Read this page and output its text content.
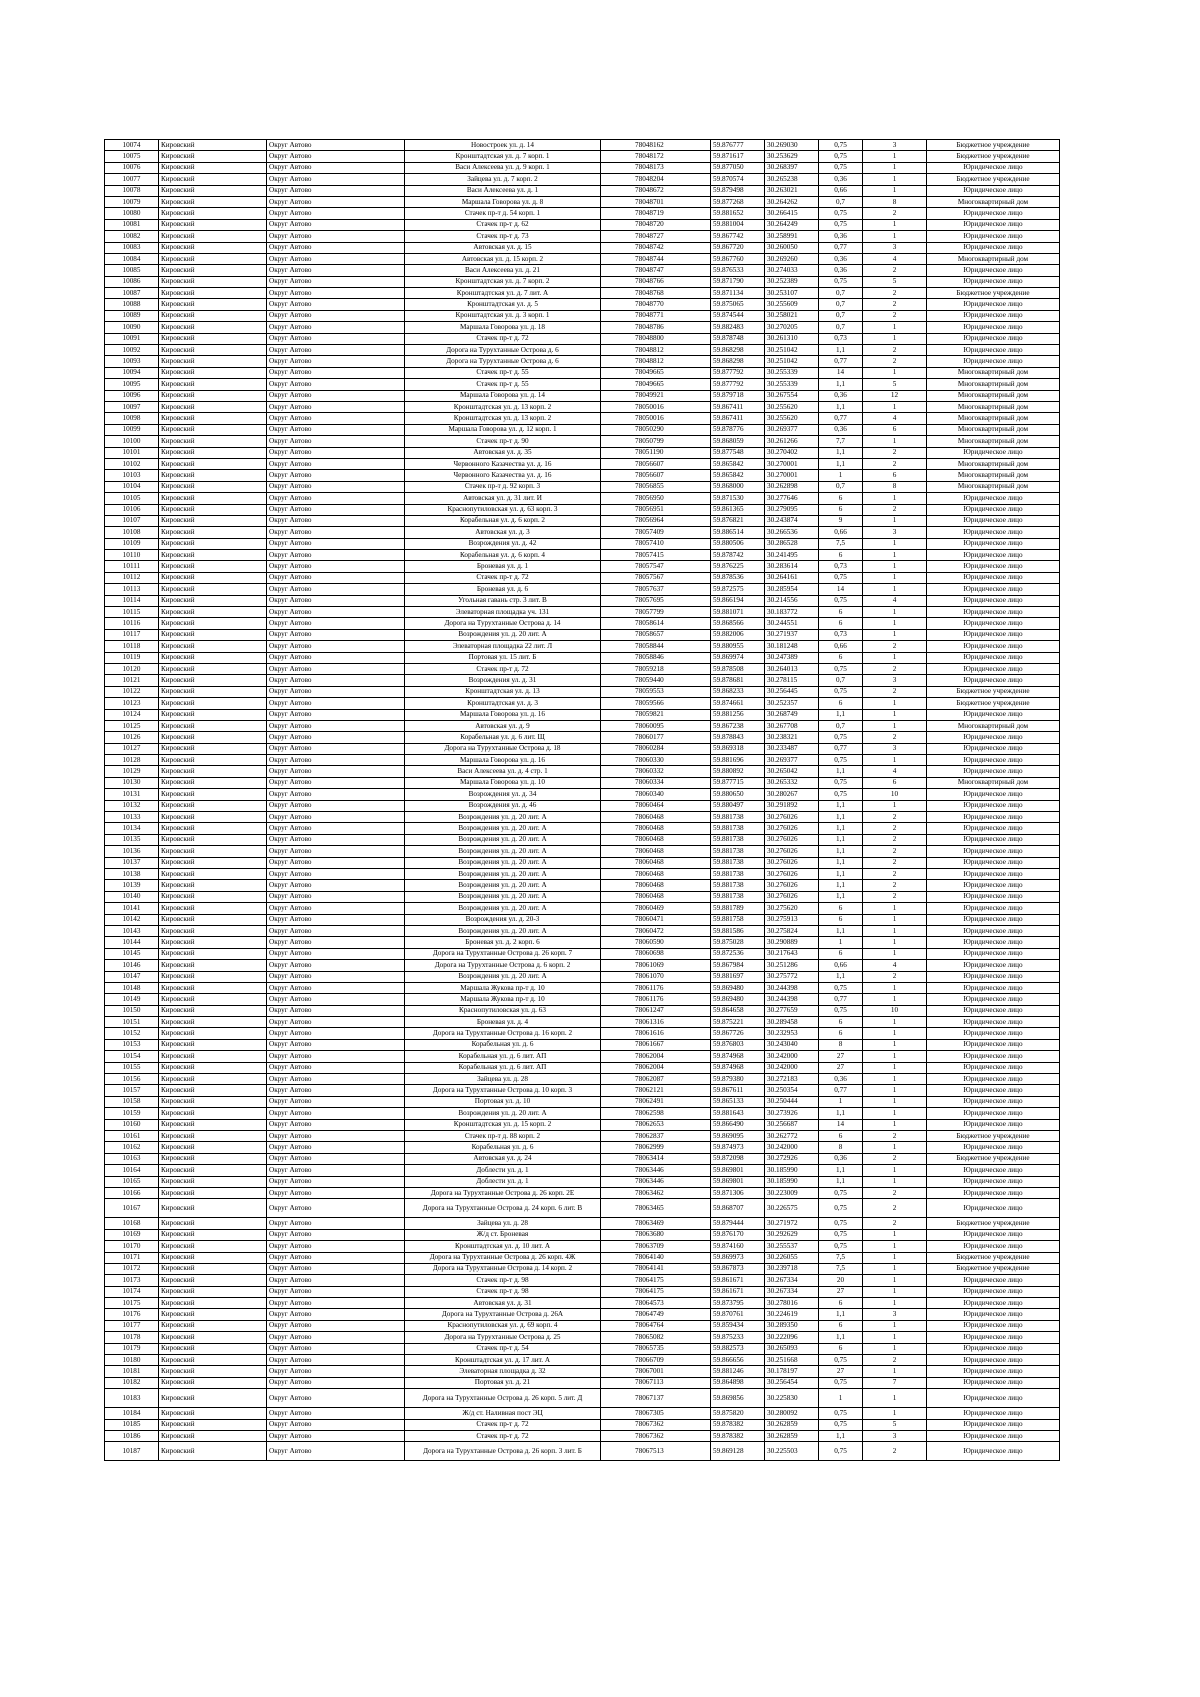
10074	Кировский	Округ Автово	Новостроек ул. д. 14	78048162	59.876777	30.269030	0,75	3	Бюджетное учреждение
10075	Кировский	Округ Автово	Кронштадтская ул. д. 7 корп. 1	78048172	59.871617	30.253629	0,75	1	Бюджетное учреждение
10076	Кировский	Округ Автово	Васи Алексеева ул. д. 9 корп. 1	78048173	59.877050	30.268397	0,75	1	Юридическое лицо
10077	Кировский	Округ Автово	Зайцева ул. д. 7 корп. 2	78048204	59.870574	30.265238	0,36	1	Бюджетное учреждение
10078	Кировский	Округ Автово	Васи Алексеева ул. д. 1	78048672	59.879498	30.263021	0,66	1	Юридическое лицо
10079	Кировский	Округ Автово	Маршала Говорова ул. д. 8	78048701	59.877268	30.264262	0,7	8	Многоквартирный дом
10080	Кировский	Округ Автово	Стачек пр-т д. 54 корп. 1	78048719	59.881652	30.266415	0,75	2	Юридическое лицо
10081	Кировский	Округ Автово	Стачек пр-т д. 62	78048720	59.881004	30.264249	0,75	1	Юридическое лицо
10082	Кировский	Округ Автово	Стачек пр-т д. 73	78048727	59.867742	30.258991	0,36	1	Юридическое лицо
10083	Кировский	Округ Автово	Автовская ул. д. 15	78048742	59.867720	30.260050	0,77	3	Юридическое лицо
10084	Кировский	Округ Автово	Автовская ул. д. 15 корп. 2	78048744	59.867760	30.269260	0,36	4	Многоквартирный дом
10085	Кировский	Округ Автово	Васи Алексеева ул. д. 21	78048747	59.876533	30.274033	0,36	2	Юридическое лицо
10086	Кировский	Округ Автово	Кронштадтская ул. д. 7 корп. 2	78048766	59.871790	30.252389	0,75	5	Юридическое лицо
10087	Кировский	Округ Автово	Кронштадтская ул. д. 7 лит. А	78048768	59.871134	30.253107	0,7	2	Бюджетное учреждение
10088	Кировский	Округ Автово	Кронштадтская ул. д. 5	78048770	59.875065	30.255609	0,7	2	Юридическое лицо
10089	Кировский	Округ Автово	Кронштадтская ул. д. 3 корп. 1	78048771	59.874544	30.258021	0,7	2	Юридическое лицо
10090	Кировский	Округ Автово	Маршала Говорова ул. д. 18	78048786	59.882483	30.270205	0,7	1	Юридическое лицо
10091	Кировский	Округ Автово	Стачек пр-т д. 72	78048800	59.878748	30.261310	0,73	1	Юридическое лицо
10092	Кировский	Округ Автово	Дорога на Турухтанные Острова д. 6	78048812	59.868298	30.251042	1,1	2	Юридическое лицо
10093	Кировский	Округ Автово	Дорога на Турухтанные Острова д. 6	78048812	59.868298	30.251042	0,77	2	Юридическое лицо
10094	Кировский	Округ Автово	Стачек пр-т д. 55	78049665	59.877792	30.255339	14	1	Многоквартирный дом
10095	Кировский	Округ Автово	Стачек пр-т д. 55	78049665	59.877792	30.255339	1,1	5	Многоквартирный дом
10096	Кировский	Округ Автово	Маршала Говорова ул. д. 14	78049921	59.879718	30.267554	0,36	12	Многоквартирный дом
10097	Кировский	Округ Автово	Кронштадтская ул. д. 13 корп. 2	78050016	59.867411	30.255620	1,1	1	Многоквартирный дом
10098	Кировский	Округ Автово	Кронштадтская ул. д. 13 корп. 2	78050016	59.867411	30.255620	0,77	4	Многоквартирный дом
10099	Кировский	Округ Автово	Маршала Говорова ул. д. 12 корп. 1	78050290	59.878776	30.269377	0,36	6	Многоквартирный дом
10100	Кировский	Округ Автово	Стачек пр-т д. 90	78050799	59.868059	30.261266	7,7	1	Многоквартирный дом
10101	Кировский	Округ Автово	Автовская ул. д. 35	78051190	59.877548	30.270402	1,1	2	Юридическое лицо
10102	Кировский	Округ Автово	Червонного Казачества ул. д. 16	78056607	59.865842	30.270001	1,1	2	Многоквартирный дом
10103	Кировский	Округ Автово	Червонного Казачества ул. д. 16	78056607	59.865842	30.270001	1	6	Многоквартирный дом
10104	Кировский	Округ Автово	Стачек пр-т д. 92 корп. 3	78056855	59.868000	30.262898	0,7	8	Многоквартирный дом
10105	Кировский	Округ Автово	Автовская ул. д. 31 лит. И	78056950	59.871530	30.277646	6	1	Юридическое лицо
10106	Кировский	Округ Автово	Краснопутиловская ул. д. 63 корп. 3	78056951	59.861365	30.279095	6	2	Юридическое лицо
10107	Кировский	Округ Автово	Корабельная ул. д. 6 корп. 2	78056964	59.876821	30.243874	9	1	Юридическое лицо
10108	Кировский	Округ Автово	Автовская ул. д. 3	78057409	59.886514	30.266536	0,66	3	Юридическое лицо
10109	Кировский	Округ Автово	Возрождения ул. д. 42	78057410	59.880506	30.286528	7,5	1	Юридическое лицо
10110	Кировский	Округ Автово	Корабельная ул. д. 6 корп. 4	78057415	59.878742	30.241495	6	1	Юридическое лицо
10111	Кировский	Округ Автово	Броневая ул. д. 1	78057547	59.876225	30.283614	0,73	1	Юридическое лицо
10112	Кировский	Округ Автово	Стачек пр-т д. 72	78057567	59.878536	30.264161	0,75	1	Юридическое лицо
10113	Кировский	Округ Автово	Броневая ул. д. 6	78057637	59.872575	30.285954	14	1	Юридическое лицо
10114	Кировский	Округ Автово	Угольная гавань стр. 3 лит. В	78057695	59.866194	30.214556	0,75	4	Юридическое лицо
10115	Кировский	Округ Автово	Элеваторная площадка уч. 131	78057799	59.881071	30.183772	6	1	Юридическое лицо
10116	Кировский	Округ Автово	Дорога на Турухтанные Острова д. 14	78058614	59.868566	30.244551	6	1	Юридическое лицо
10117	Кировский	Округ Автово	Возрождения ул. д. 20 лит. А	78058657	59.882006	30.271937	0,73	1	Юридическое лицо
10118	Кировский	Округ Автово	Элеваторная площадка 22 лит. Л	78058844	59.880955	30.181248	0,66	2	Юридическое лицо
10119	Кировский	Округ Автово	Портовая ул. 15 лит. Б	78058846	59.869974	30.247389	6	1	Юридическое лицо
10120	Кировский	Округ Автово	Стачек пр-т д. 72	78059218	59.878508	30.264013	0,75	2	Юридическое лицо
10121	Кировский	Округ Автово	Возрождения ул. д. 31	78059440	59.878681	30.278115	0,7	3	Юридическое лицо
10122	Кировский	Округ Автово	Кронштадтская ул. д. 13	78059553	59.868233	30.256445	0,75	2	Бюджетное учреждение
10123	Кировский	Округ Автово	Кронштадтская ул. д. 3	78059566	59.874661	30.252357	6	1	Бюджетное учреждение
10124	Кировский	Округ Автово	Маршала Говорова ул. д. 16	78059821	59.881256	30.268749	1,1	1	Юридическое лицо
10125	Кировский	Округ Автово	Автовская ул. д. 9	78060095	59.867238	30.267708	0,7	1	Многоквартирный дом
10126	Кировский	Округ Автово	Корабельная ул. д. 6 лит. Щ	78060177	59.878843	30.238321	0,75	2	Юридическое лицо
10127	Кировский	Округ Автово	Дорога на Турухтанные Острова д. 18	78060284	59.869318	30.233487	0,77	3	Юридическое лицо
10128	Кировский	Округ Автово	Маршала Говорова ул. д. 16	78060330	59.881696	30.269377	0,75	1	Юридическое лицо
10129	Кировский	Округ Автово	Васи Алексеева ул. д. 4 стр. 1	78060332	59.880892	30.265042	1,1	4	Юридическое лицо
10130	Кировский	Округ Автово	Маршала Говорова ул. д. 10	78060334	59.877715	30.265332	0,75	6	Многоквартирный дом
10131	Кировский	Округ Автово	Возрождения ул. д. 34	78060340	59.880650	30.280267	0,75	10	Юридическое лицо
10132	Кировский	Округ Автово	Возрождения ул. д. 46	78060464	59.880497	30.291892	1,1	1	Юридическое лицо
10133	Кировский	Округ Автово	Возрождения ул. д. 20 лит. А	78060468	59.881738	30.276026	1,1	2	Юридическое лицо
10134	Кировский	Округ Автово	Возрождения ул. д. 20 лит. А	78060468	59.881738	30.276026	1,1	2	Юридическое лицо
10135	Кировский	Округ Автово	Возрождения ул. д. 20 лит. А	78060468	59.881738	30.276026	1,1	2	Юридическое лицо
10136	Кировский	Округ Автово	Возрождения ул. д. 20 лит. А	78060468	59.881738	30.276026	1,1	2	Юридическое лицо
10137	Кировский	Округ Автово	Возрождения ул. д. 20 лит. А	78060468	59.881738	30.276026	1,1	2	Юридическое лицо
10138	Кировский	Округ Автово	Возрождения ул. д. 20 лит. А	78060468	59.881738	30.276026	1,1	2	Юридическое лицо
10139	Кировский	Округ Автово	Возрождения ул. д. 20 лит. А	78060468	59.881738	30.276026	1,1	2	Юридическое лицо
10140	Кировский	Округ Автово	Возрождения ул. д. 20 лит. А	78060468	59.881738	30.276026	1,1	2	Юридическое лицо
10141	Кировский	Округ Автово	Возрождения ул. д. 20 лит. А	78060469	59.881789	30.275620	6	1	Юридическое лицо
10142	Кировский	Округ Автово	Возрождения ул. д. 20-3	78060471	59.881758	30.275913	6	1	Юридическое лицо
10143	Кировский	Округ Автово	Возрождения ул. д. 20 лит. А	78060472	59.881586	30.275824	1,1	1	Юридическое лицо
10144	Кировский	Округ Автово	Броневая ул. д. 2 корп. 6	78060590	59.875028	30.290889	1	1	Юридическое лицо
10145	Кировский	Округ Автово	Дорога на Турухтанные Острова д. 26 корп. 7	78060698	59.872536	30.217643	6	1	Юридическое лицо
10146	Кировский	Округ Автово	Дорога на Турухтанные Острова д. 6 корп. 2	78061069	59.867984	30.251286	0,66	4	Юридическое лицо
10147	Кировский	Округ Автово	Возрождения ул. д. 20 лит. А	78061070	59.881697	30.275772	1,1	2	Юридическое лицо
10148	Кировский	Округ Автово	Маршала Жукова пр-т д. 10	78061176	59.869480	30.244398	0,75	1	Юридическое лицо
10149	Кировский	Округ Автово	Маршала Жукова пр-т д. 10	78061176	59.869480	30.244398	0,77	1	Юридическое лицо
10150	Кировский	Округ Автово	Краснопутиловская ул. д. 63	78061247	59.864658	30.277659	0,75	10	Юридическое лицо
10151	Кировский	Округ Автово	Броневая ул. д. 4	78061316	59.875221	30.289458	6	1	Юридическое лицо
10152	Кировский	Округ Автово	Дорога на Турухтанные Острова д. 16 корп. 2	78061616	59.867726	30.232953	6	1	Юридическое лицо
10153	Кировский	Округ Автово	Корабельная ул. д. 6	78061667	59.876803	30.243040	8	1	Юридическое лицо
10154	Кировский	Округ Автово	Корабельная ул. д. 6 лит. АП	78062004	59.874968	30.242000	27	1	Юридическое лицо
10155	Кировский	Округ Автово	Корабельная ул. д. 6 лит. АП	78062004	59.874968	30.242000	27	1	Юридическое лицо
10156	Кировский	Округ Автово	Зайцева ул. д. 28	78062087	59.879380	30.272183	0,36	1	Юридическое лицо
10157	Кировский	Округ Автово	Дорога на Турухтанные Острова д. 10 корп. 3	78062121	59.867611	30.250354	0,77	1	Юридическое лицо
10158	Кировский	Округ Автово	Портовая ул. д. 10	78062491	59.865133	30.250444	1	1	Юридическое лицо
10159	Кировский	Округ Автово	Возрождения ул. д. 20 лит. А	78062598	59.881643	30.273926	1,1	1	Юридическое лицо
10160	Кировский	Округ Автово	Кронштадтская ул. д. 15 корп. 2	78062653	59.866490	30.256687	14	1	Юридическое лицо
10161	Кировский	Округ Автово	Стачек пр-т д. 88 корп. 2	78062837	59.869095	30.262772	6	2	Бюджетное учреждение
10162	Кировский	Округ Автово	Корабельная ул. д. 6	78062999	59.874973	30.242000	8	1	Юридическое лицо
10163	Кировский	Округ Автово	Автовская ул. д. 24	78063414	59.872098	30.272926	0,36	2	Бюджетное учреждение
10164	Кировский	Округ Автово	Доблести ул. д. 1	78063446	59.869801	30.185990	1,1	1	Юридическое лицо
10165	Кировский	Округ Автово	Доблести ул. д. 1	78063446	59.869801	30.185990	1,1	1	Юридическое лицо
10166	Кировский	Округ Автово	Дорога на Турухтанные Острова д. 26 корп. 2Е	78063462	59.871306	30.223009	0,75	2	Юридическое лицо
10167	Кировский	Округ Автово	Дорога на Турухтанные Острова д. 24 корп. 6 лит. В	78063465	59.868707	30.226575	0,75	2	Юридическое лицо
10168	Кировский	Округ Автово	Зайцева ул. д. 28	78063469	59.879444	30.271972	0,75	2	Бюджетное учреждение
10169	Кировский	Округ Автово	Ж/д ст. Броневая	78063680	59.876170	30.292629	0,75	1	Юридическое лицо
10170	Кировский	Округ Автово	Кронштадтская ул. д. 10 лит. А	78063709	59.874160	30.255537	0,75	1	Юридическое лицо
10171	Кировский	Округ Автово	Дорога на Турухтанные Острова д. 26 корп. 4Ж	78064140	59.869973	30.226055	7,5	1	Бюджетное учреждение
10172	Кировский	Округ Автово	Дорога на Турухтанные Острова д. 14 корп. 2	78064141	59.867873	30.239718	7,5	1	Бюджетное учреждение
10173	Кировский	Округ Автово	Стачек пр-т д. 98	78064175	59.861671	30.267334	20	1	Юридическое лицо
10174	Кировский	Округ Автово	Стачек пр-т д. 98	78064175	59.861671	30.267334	27	1	Юридическое лицо
10175	Кировский	Округ Автово	Автовская ул. д. 31	78064573	59.873795	30.278016	6	1	Юридическое лицо
10176	Кировский	Округ Автово	Дорога на Турухтанные Острова д. 26А	78064749	59.870761	30.224619	1,1	3	Юридическое лицо
10177	Кировский	Округ Автово	Краснопутиловская ул. д. 69 корп. 4	78064764	59.859434	30.289350	6	1	Юридическое лицо
10178	Кировский	Округ Автово	Дорога на Турухтанные Острова д. 25	78065082	59.875233	30.222096	1,1	1	Юридическое лицо
10179	Кировский	Округ Автово	Стачек пр-т д. 54	78065735	59.882573	30.265093	6	1	Юридическое лицо
10180	Кировский	Округ Автово	Кронштадтская ул. д. 17 лит. А	78066709	59.866656	30.251668	0,75	2	Юридическое лицо
10181	Кировский	Округ Автово	Элеваторная площадка д. 32	78067001	59.881246	30.178197	27	1	Юридическое лицо
10182	Кировский	Округ Автово	Портовая ул. д. 21	78067113	59.864898	30.256454	0,75	7	Юридическое лицо
10183	Кировский	Округ Автово	Дорога на Турухтанные Острова д. 26 корп. 5 лит. Д	78067137	59.869856	30.225830	1	1	Юридическое лицо
10184	Кировский	Округ Автово	Ж/д ст. Наливная пост ЭЦ	78067305	59.875820	30.280092	0,75	1	Юридическое лицо
10185	Кировский	Округ Автово	Стачек пр-т д. 72	78067362	59.878382	30.262859	0,75	5	Юридическое лицо
10186	Кировский	Округ Автово	Стачек пр-т д. 72	78067362	59.878382	30.262859	1,1	3	Юридическое лицо
10187	Кировский	Округ Автово	Дорога на Турухтанные Острова д. 26 корп. 3 лит. Б	78067513	59.869128	30.225503	0,75	2	Юридическое лицо
